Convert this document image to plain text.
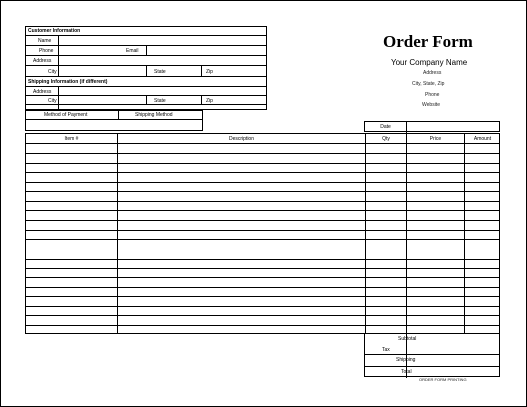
Customer Information
Name
Phone	Email
Address
City	State	Zip
Shipping Information (if different)
Address
City	State	Zip
Method of Payment	Shipping Method
Order Form
Your Company Name
Address
City, State, Zip
Phone
Website
Date
Item #	Description	Qty	Price	Amount
Subtotal
Tax
Shipping
Total
ORDER FORM PRINTING
